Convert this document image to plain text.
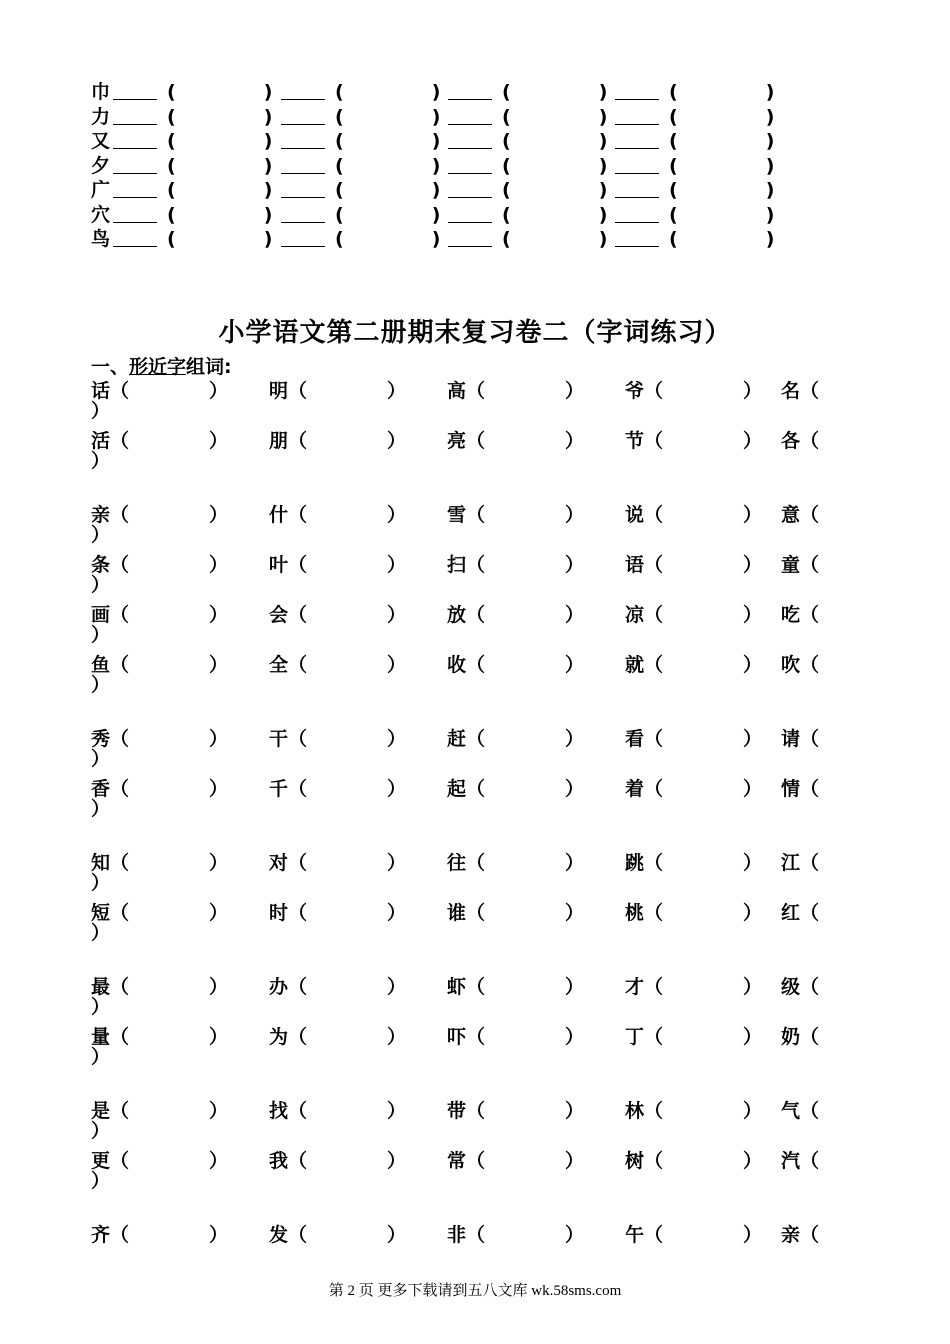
巾	(	)	(	)	(	)	(	)
力	(	)	(	)	(	)	(	)
又	(	)	(	)	(	)	(	)
夕	(	)	(	)	(	)	(	)
广	(	)	(	)	(	)	(	)
穴	(	)	(	)	(	)	(	)
鸟	(	)	(	)	(	)	(	)
小学语文第二册期末复习卷二（字词练习）
一、形近字组词:
话（	） 明（	） 高（	） 爷（	） 名（
）
活（	） 朋（	） 亮（	） 节（	） 各（
）
亲（	） 什（	） 雪（	） 说（	） 意（
）
条（	） 叶（	） 扫（	） 语（	） 童（
）
画（	） 会（	） 放（	） 凉（	） 吃（
）
鱼（	） 全（	） 收（	） 就（	） 吹（
）
秀（	） 干（	） 赶（	） 看（	） 请（
）
香（	） 千（	） 起（	） 着（	） 情（
）
知（	） 对（	） 往（	） 跳（	） 江（
）
短（	） 时（	） 谁（	） 桃（	） 红（
）
最（	） 办（	） 虾（	） 才（	） 级（
）
量（	） 为（	） 吓（	） 丁（	） 奶（
）
是（	） 找（	） 带（	） 林（	） 气（
）
更（	） 我（	） 常（	） 树（	） 汽（
）
齐（	） 发（	） 非（	） 午（	） 亲（
第 2 页 更多下载请到五八文库 wk.58sms.com
